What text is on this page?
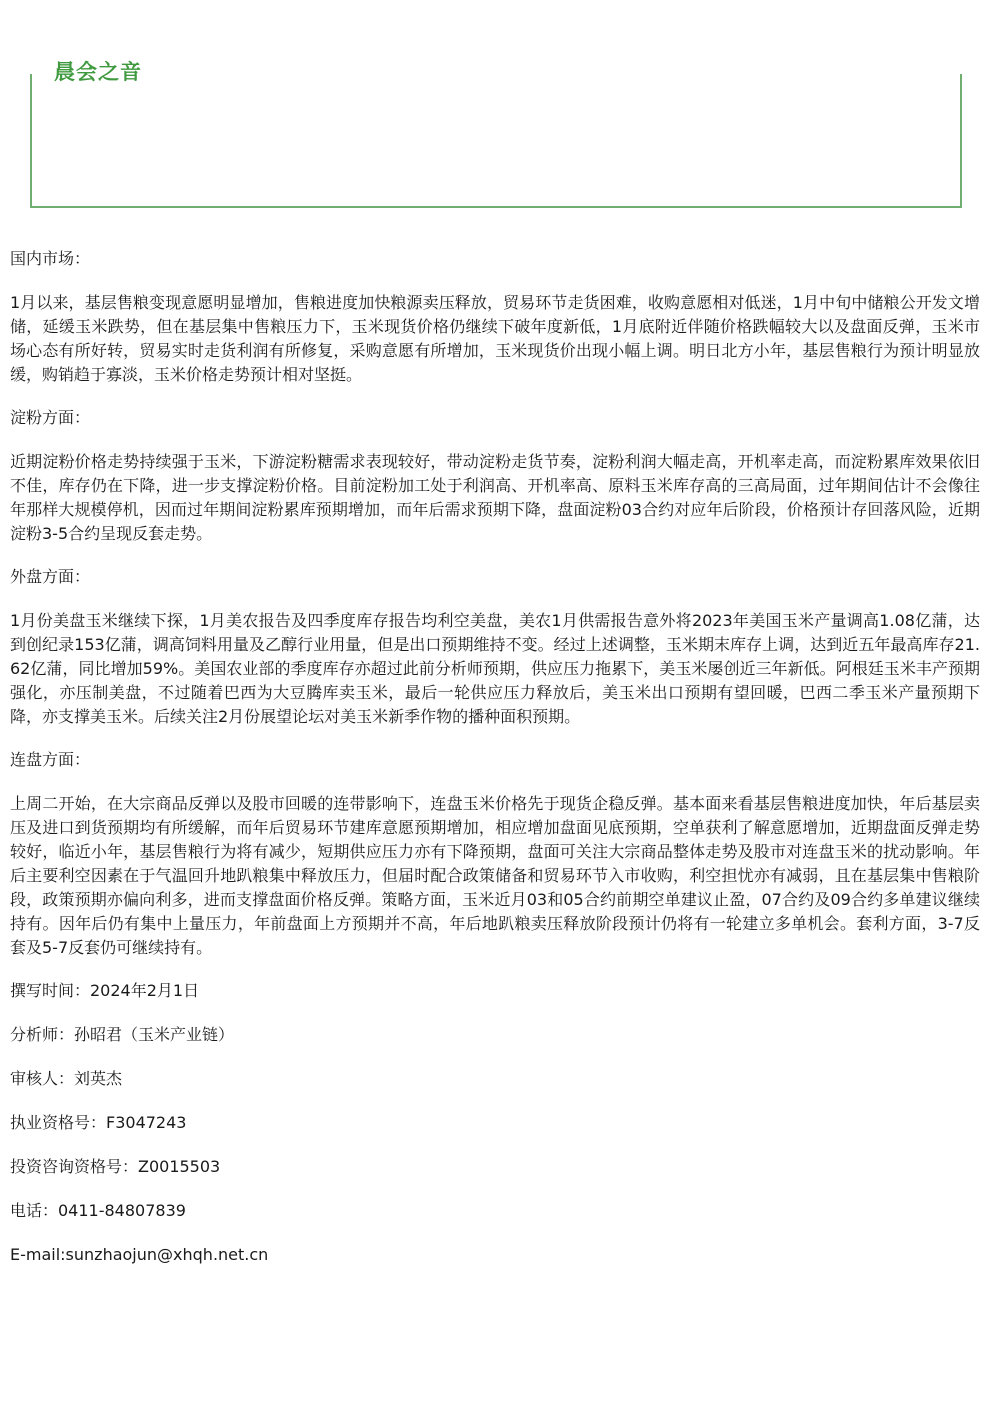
晨会之音

国内市场：

1月以来，基层售粮变现意愿明显增加，售粮进度加快粮源卖压释放，贸易环节走货困难，收购意愿相对低迷，1月中旬中储粮公开发文增储，延缓玉米跌势，但在基层集中售粮压力下，玉米现货价格仍继续下破年度新低，1月底附近伴随价格跌幅较大以及盘面反弹，玉米市场心态有所好转，贸易实时走货利润有所修复，采购意愿有所增加，玉米现货价出现小幅上调。明日北方小年，基层售粮行为预计明显放缓，购销趋于寡淡，玉米价格走势预计相对坚挺。

淀粉方面：

近期淀粉价格走势持续强于玉米，下游淀粉糖需求表现较好，带动淀粉走货节奏，淀粉利润大幅走高，开机率走高，而淀粉累库效果依旧不佳，库存仍在下降，进一步支撑淀粉价格。目前淀粉加工处于利润高、开机率高、原料玉米库存高的三高局面，过年期间估计不会像往年那样大规模停机，因而过年期间淀粉累库预期增加，而年后需求预期下降，盘面淀粉03合约对应年后阶段，价格预计存回落风险，近期淀粉3-5合约呈现反套走势。

外盘方面：

1月份美盘玉米继续下探，1月美农报告及四季度库存报告均利空美盘，美农1月供需报告意外将2023年美国玉米产量调高1.08亿蒲，达到创纪录153亿蒲，调高饲料用量及乙醇行业用量，但是出口预期维持不变。经过上述调整，玉米期末库存上调，达到近五年最高库存21.62亿蒲，同比增加59%。美国农业部的季度库存亦超过此前分析师预期，供应压力拖累下，美玉米屡创近三年新低。阿根廷玉米丰产预期强化，亦压制美盘，不过随着巴西为大豆腾库卖玉米，最后一轮供应压力释放后，美玉米出口预期有望回暖，巴西二季玉米产量预期下降，亦支撑美玉米。后续关注2月份展望论坛对美玉米新季作物的播种面积预期。

连盘方面：

上周二开始，在大宗商品反弹以及股市回暖的连带影响下，连盘玉米价格先于现货企稳反弹。基本面来看基层售粮进度加快，年后基层卖压及进口到货预期均有所缓解，而年后贸易环节建库意愿预期增加，相应增加盘面见底预期，空单获利了解意愿增加，近期盘面反弹走势较好，临近小年，基层售粮行为将有减少，短期供应压力亦有下降预期，盘面可关注大宗商品整体走势及股市对连盘玉米的扰动影响。年后主要利空因素在于气温回升地趴粮集中释放压力，但届时配合政策储备和贸易环节入市收购，利空担忧亦有减弱，且在基层集中售粮阶段，政策预期亦偏向利多，进而支撑盘面价格反弹。策略方面，玉米近月03和05合约前期空单建议止盈，07合约及09合约多单建议继续持有。因年后仍有集中上量压力，年前盘面上方预期并不高，年后地趴粮卖压释放阶段预计仍将有一轮建立多单机会。套利方面，3-7反套及5-7反套仍可继续持有。

撰写时间：2024年2月1日

分析师：孙昭君（玉米产业链）

审核人：刘英杰

执业资格号：F3047243

投资咨询资格号：Z0015503

电话：0411-84807839

E-mail:sunzhaojun@xhqh.net.cn
